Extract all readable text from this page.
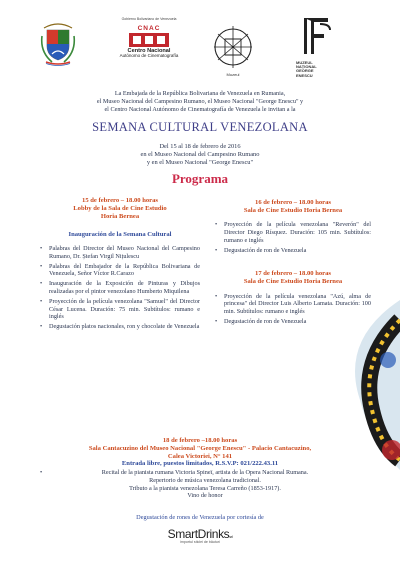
Gobierno Bolivariano de Venezuela
CNAC
Centro Nacional
Autónomo de Cinematografía
Muzeul
MUZEUL
NAȚIONAL
GEORGE
ENESCU
La Embajada de la República Bolivariana de Venezuela en Rumania,
el Museo Nacional del Campesino Rumano, el Museo Nacional "George Enescu" y
el Centro Nacional Autónomo de Cinematografía de Venezuela le invitan a la
SEMANA CULTURAL VENEZOLANA
Del 15 al 18 de febrero de 2016
en el Museo Nacional del Campesino Rumano
y en el Museo Nacional "George Enescu"
Programa
15 de febrero – 18.00 horas
Lobby de la Sala de Cine Estudio
Horia Bernea
Inauguración de la Semana Cultural
• Palabras del Director del Museo Nacional del Campesino Rumano, Dr. Ștefan Virgil Nițulescu
• Palabras del Embajador de la República Bolivariana de Venezuela, Señor Víctor R.Carazo
• Inauguración de la Exposición de Pinturas y Dibujos realizadas por el pintor venezolano Humberto Miquilena
• Proyección de la película venezolana "Samuel" del Director César Lucena. Duración: 75 min. Subtítulos: rumano e inglés
• Degustación platos nacionales, ron y chocolate de Venezuela
16 de febrero – 18.00 horas
Sala de Cine Estudio Horia Bernea
• Proyección de la película venezolana "Reverón" del Director Diego Rísquez. Duración: 105 min. Subtítulos: rumano e inglés
• Degustación de ron de Venezuela
17 de febrero – 18.00 horas
Sala de Cine Estudio Horia Bernea
• Proyección de la película venezolana "Azú, alma de princesa" del Director Luis Alberto Lamata. Duración: 100 min. Subtítulos: rumano e inglés
• Degustación de ron de Venezuela
18 de febrero –18.00 horas
Sala Cantacuzino del Museo Nacional "George Enescu" - Palacio Cantacuzino,
Calea Victoriei, N° 141
Entrada libre, puestos limitados, R.S.V.P: 021/222.43.11
•	Recital de la pianista rumana Victoria Spineï, artista de la Opera Nacional Rumana.
Repertorio de música venezolana tradicional.
Tributo a la pianista venezolana Teresa Carreño (1853-1917).
Vino de honor
Degustación de rones de Venezuela por cortesía de
SmartDrinkssrl
importul sticlei de băuturi
